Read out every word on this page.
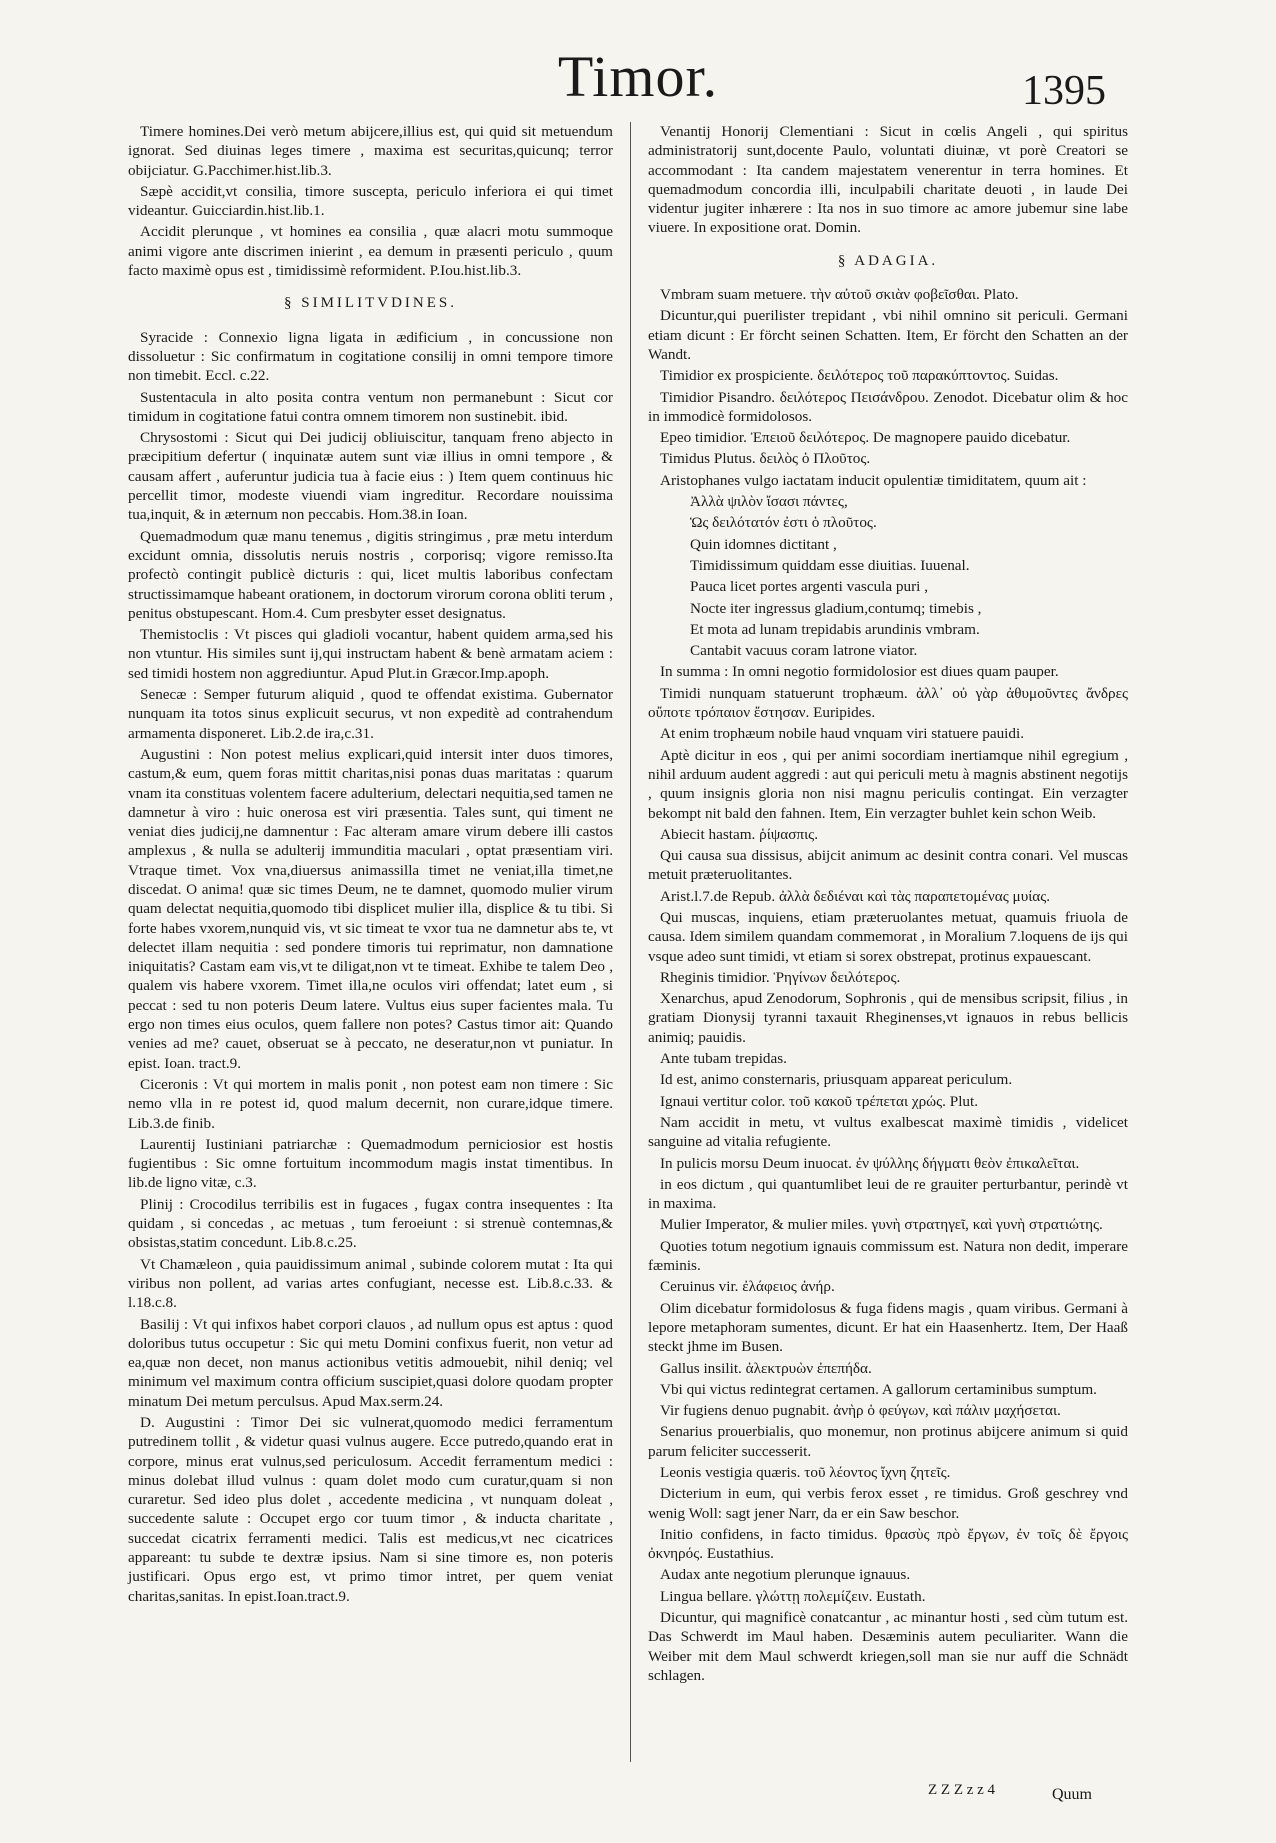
Timor.	1395

Timere homines.Dei verò metum abijcere,illius est, qui quid sit metuendum ignorat. Sed diuinas leges timere , maxima est securitas,quicunq; terror obijciatur. G.Pacchimer.hist.lib.3.

Sæpè accidit,vt consilia, timore suscepta, periculo inferiora ei qui timet videantur. Guicciardin.hist.lib.1.

Accidit plerunque , vt homines ea consilia , quæ alacri motu summoque animi vigore ante discrimen inierint , ea demum in præsenti periculo , quum facto maximè opus est , timidissimè reformident. P.Iou.hist.lib.3.

§ SIMILITVDINES.

Syracide : Connexio ligna ligata in ædificium , in concussione non dissoluetur : Sic confirmatum in cogitatione consilij in omni tempore timore non timebit. Eccl. c.22.

Sustentacula in alto posita contra ventum non permanebunt : Sicut cor timidum in cogitatione fatui contra omnem timorem non sustinebit. ibid.

Chrysostomi : Sicut qui Dei judicij obliuiscitur, tanquam freno abjecto in præcipitium defertur ( inquinatæ autem sunt viæ illius in omni tempore , & causam affert , auferuntur judicia tua à facie eius : ) Item quem continuus hic percellit timor, modeste viuendi viam ingreditur. Recordare nouissima tua,inquit, & in æternum non peccabis. Hom.38.in Ioan.

Quemadmodum quæ manu tenemus , digitis stringimus , præ metu interdum excidunt omnia, dissolutis neruis nostris , corporisq; vigore remisso.Ita profectò contingit publicè dicturis : qui, licet multis laboribus confectam structissimamque habeant orationem, in doctorum virorum corona obliti terum , penitus obstupescant. Hom.4. Cum presbyter esset designatus.

Themistoclis : Vt pisces qui gladioli vocantur, habent quidem arma,sed his non vtuntur. His similes sunt ij,qui instructam habent & benè armatam aciem : sed timidi hostem non aggrediuntur. Apud Plut.in Græcor.Imp.apoph.

Senecæ : Semper futurum aliquid , quod te offendat existima. Gubernator nunquam ita totos sinus explicuit securus, vt non expeditè ad contrahendum armamenta disponeret. Lib.2.de ira,c.31.

Augustini : Non potest melius explicari,quid intersit inter duos timores, castum,& eum, quem foras mittit charitas,nisi ponas duas maritatas : quarum vnam ita constituas volentem facere adulterium, delectari nequitia,sed tamen ne damnetur à viro : huic onerosa est viri præsentia. Tales sunt, qui timent ne veniat dies judicij,ne damnentur : Fac alteram amare virum debere illi castos amplexus , & nulla se adulterij immunditia maculari , optat præsentiam viri. Vtraque timet. Vox vna,diuersus animassilla timet ne veniat,illa timet,ne discedat. O anima! quæ sic times Deum, ne te damnet, quomodo mulier virum quam delectat nequitia,quomodo tibi displicet mulier illa, displice & tu tibi. Si forte habes vxorem,nunquid vis, vt sic timeat te vxor tua ne damnetur abs te, vt delectet illam nequitia : sed pondere timoris tui reprimatur, non damnatione iniquitatis? Castam eam vis,vt te diligat,non vt te timeat. Exhibe te talem Deo , qualem vis habere vxorem. Timet illa,ne oculos viri offendat; latet eum , si peccat : sed tu non poteris Deum latere. Vultus eius super facientes mala. Tu ergo non times eius oculos, quem fallere non potes? Castus timor ait: Quando venies ad me? cauet, obseruat se à peccato, ne deseratur,non vt puniatur. In epist. Ioan. tract.9.

Ciceronis : Vt qui mortem in malis ponit , non potest eam non timere : Sic nemo vlla in re potest id, quod malum decernit, non curare,idque timere. Lib.3.de finib.

Laurentij Iustiniani patriarchæ : Quemadmodum perniciosior est hostis fugientibus : Sic omne fortuitum incommodum magis instat timentibus. In lib.de ligno vitæ, c.3.

Plinij : Crocodilus terribilis est in fugaces , fugax contra insequentes : Ita quidam , si concedas , ac metuas , tum feroeiunt : si strenuè contemnas,& obsistas,statim concedunt. Lib.8.c.25.

Vt Chamæleon , quia pauidissimum animal , subinde colorem mutat : Ita qui viribus non pollent, ad varias artes confugiant, necesse est. Lib.8.c.33. & l.18.c.8.

Basilij : Vt qui infixos habet corpori clauos , ad nullum opus est aptus : quod doloribus tutus occupetur : Sic qui metu Domini confixus fuerit, non vetur ad ea,quæ non decet, non manus actionibus vetitis admouebit, nihil deniq; vel minimum vel maximum contra officium suscipiet,quasi dolore quodam propter minatum Dei metum perculsus. Apud Max.serm.24.

D. Augustini : Timor Dei sic vulnerat,quomodo medici ferramentum putredinem tollit , & videtur quasi vulnus augere. Ecce putredo,quando erat in corpore, minus erat vulnus,sed periculosum. Accedit ferramentum medici : minus dolebat illud vulnus : quam dolet modo cum curatur,quam si non curaretur. Sed ideo plus dolet , accedente medicina , vt nunquam doleat , succedente salute : Occupet ergo cor tuum timor , & inducta charitate , succedat cicatrix ferramenti medici. Talis est medicus,vt nec cicatrices appareant: tu subde te dextræ ipsius. Nam si sine timore es, non poteris justificari. Opus ergo est, vt primo timor intret, per quem veniat charitas,sanitas. In epist.Ioan.tract.9.

Venantij Honorij Clementiani : Sicut in cœlis Angeli , qui spiritus administratorij sunt,docente Paulo, voluntati diuinæ, vt porè Creatori se accommodant : Ita candem majestatem venerentur in terra homines. Et quemadmodum concordia illi, inculpabili charitate deuoti , in laude Dei videntur jugiter inhærere : Ita nos in suo timore ac amore jubemur sine labe viuere. In expositione orat. Domin.

§ ADAGIA.

Vmbram suam metuere. τὴν αὐτοῦ σκιὰν φοβεῖσθαι. Plato.

Dicuntur,qui puerilister trepidant , vbi nihil omnino sit periculi. Germani etiam dicunt : Er förcht seinen Schatten. Item, Er förcht den Schatten an der Wandt.

Timidior ex prospiciente. δειλότερος τοῦ παρακύπτοντος. Suidas.

Timidior Pisandro. δειλότερος Πεισάνδρου. Zenodot. Dicebatur olim & hoc in immodicè formidolosos.

Epeo timidior. Ἐπειοῦ δειλότερος. De magnopere pauido dicebatur.

Timidus Plutus. δειλὸς ὁ Πλοῦτος.

Aristophanes vulgo iactatam inducit opulentiæ timiditatem, quum ait :

Ἀλλὰ ψιλὸν ἴσασι πάντες,

Ὡς δειλότατόν ἐστι ὁ πλοῦτος.

Quin idomnes dictitant ,

Timidissimum quiddam esse diuitias. Iuuenal.

Pauca licet portes argenti vascula puri ,

Nocte iter ingressus gladium,contumq; timebis ,

Et mota ad lunam trepidabis arundinis vmbram.

Cantabit vacuus coram latrone viator.

In summa : In omni negotio formidolosior est diues quam pauper.

Timidi nunquam statuerunt trophæum. ἀλλ᾽ οὐ γὰρ ἀθυμοῦντες ἄνδρες οὔποτε τρόπαιον ἔστησαν. Euripides.

At enim trophæum nobile haud vnquam viri statuere pauidi.

Aptè dicitur in eos , qui per animi socordiam inertiamque nihil egregium , nihil arduum audent aggredi : aut qui periculi metu à magnis abstinent negotijs , quum insignis gloria non nisi magnu periculis contingat. Ein verzagter bekompt nit bald den fahnen. Item, Ein verzagter buhlet kein schon Weib.

Abiecit hastam. ῥίψασπις.

Qui causa sua dissisus, abijcit animum ac desinit contra conari. Vel muscas metuit præteruolitantes.

Arist.l.7.de Repub. ἀλλὰ δεδιέναι καὶ τὰς παραπετομένας μυίας.

Qui muscas, inquiens, etiam præteruolantes metuat, quamuis friuola de causa. Idem similem quandam commemorat , in Moralium 7.loquens de ijs qui vsque adeo sunt timidi, vt etiam si sorex obstrepat, protinus expauescant.

Rheginis timidior. Ῥηγίνων δειλότερος.

Xenarchus, apud Zenodorum, Sophronis , qui de mensibus scripsit, filius , in gratiam Dionysij tyranni taxauit Rheginenses,vt ignauos in rebus bellicis animiq; pauidis.

Ante tubam trepidas.

Id est, animo consternaris, priusquam appareat periculum.

Ignaui vertitur color. τοῦ κακοῦ τρέπεται χρώς. Plut.

Nam accidit in metu, vt vultus exalbescat maximè timidis , videlicet sanguine ad vitalia refugiente.

In pulicis morsu Deum inuocat. ἐν ψύλλης δήγματι θεὸν ἐπικαλεῖται.

in eos dictum , qui quantumlibet leui de re grauiter perturbantur, perindè vt in maxima.

Mulier Imperator, & mulier miles. γυνὴ στρατηγεῖ, καὶ γυνὴ στρατιώτης.

Quoties totum negotium ignauis commissum est. Natura non dedit, imperare fæminis.

Ceruinus vir. ἐλάφειος ἀνήρ.

Olim dicebatur formidolosus & fuga fidens magis , quam viribus. Germani à lepore metaphoram sumentes, dicunt. Er hat ein Haasenhertz. Item, Der Haaß steckt jhme im Busen.

Gallus insilit. ἀλεκτρυὼν ἐπεπήδα.

Vbi qui victus redintegrat certamen. A gallorum certaminibus sumptum.

Vir fugiens denuo pugnabit. ἀνὴρ ὁ φεύγων, καὶ πάλιν μαχήσεται.

Senarius prouerbialis, quo monemur, non protinus abijcere animum si quid parum feliciter successerit.

Leonis vestigia quæris. τοῦ λέοντος ἴχνη ζητεῖς.

Dicterium in eum, qui verbis ferox esset , re timidus. Groß geschrey vnd wenig Woll: sagt jener Narr, da er ein Saw beschor.

Initio confidens, in facto timidus. θρασὺς πρὸ ἔργων, ἐν τοῖς δὲ ἔργοις ὀκνηρός. Eustathius.

Audax ante negotium plerunque ignauus.

Lingua bellare. γλώττῃ πολεμίζειν. Eustath.

Dicuntur, qui magnificè conatcantur , ac minantur hosti , sed cùm tutum est. Das Schwerdt im Maul haben. Desæminis autem peculiariter. Wann die Weiber mit dem Maul schwerdt kriegen,soll man sie nur auff die Schnädt schlagen.

Z Z Z z z 4	Quum
